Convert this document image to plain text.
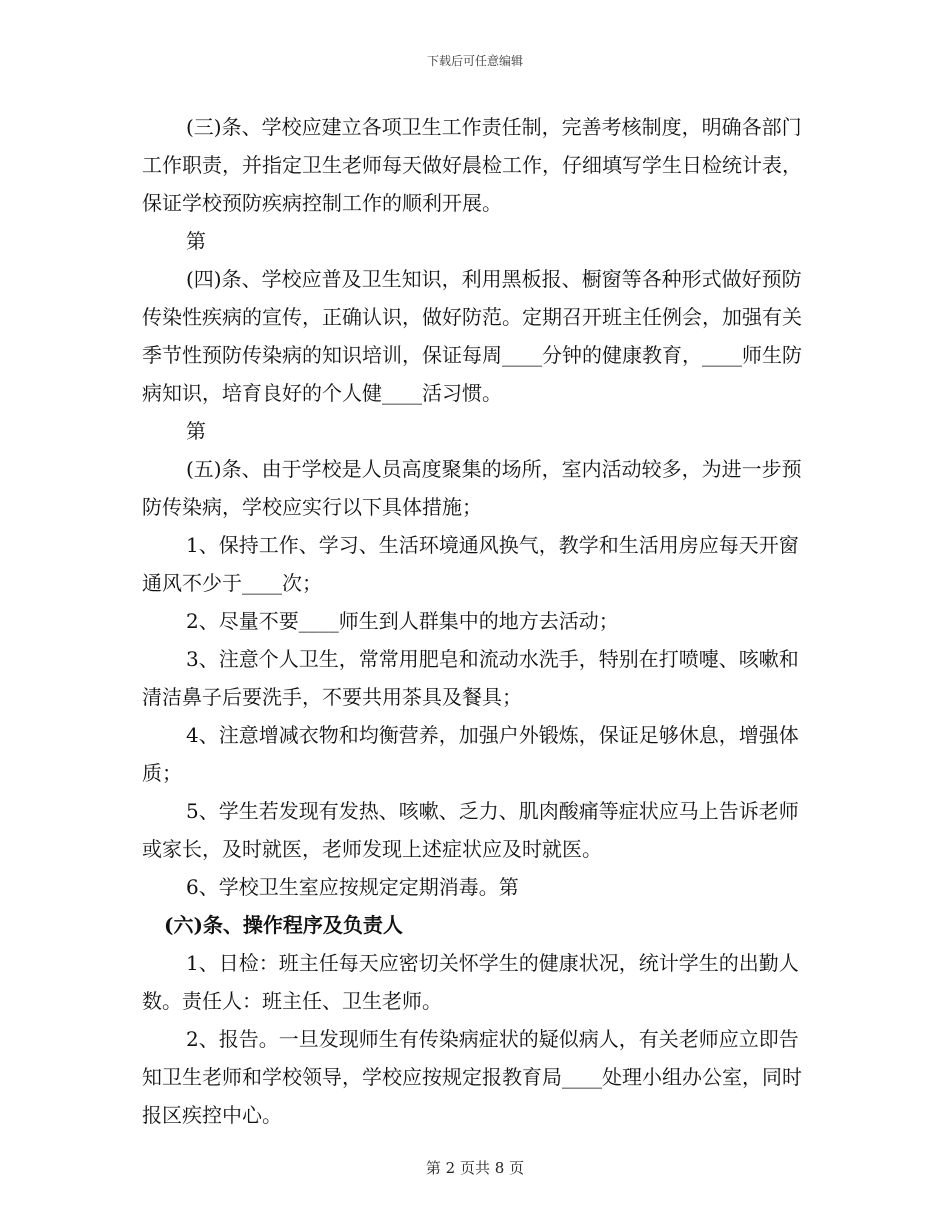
下载后可任意编辑

(三)条、学校应建立各项卫生工作责任制，完善考核制度，明确各部门工作职责，并指定卫生老师每天做好晨检工作，仔细填写学生日检统计表，保证学校预防疾病控制工作的顺利开展。

第

(四)条、学校应普及卫生知识，利用黑板报、橱窗等各种形式做好预防传染性疾病的宣传，正确认识，做好防范。定期召开班主任例会，加强有关季节性预防传染病的知识培训，保证每周____分钟的健康教育，____师生防病知识，培育良好的个人健____活习惯。

第

(五)条、由于学校是人员高度聚集的场所，室内活动较多，为进一步预防传染病，学校应实行以下具体措施；

1、保持工作、学习、生活环境通风换气，教学和生活用房应每天开窗通风不少于____次；

2、尽量不要____师生到人群集中的地方去活动；

3、注意个人卫生，常常用肥皂和流动水洗手，特别在打喷嚏、咳嗽和清洁鼻子后要洗手，不要共用茶具及餐具；

4、注意增减衣物和均衡营养，加强户外锻炼，保证足够休息，增强体质；

5、学生若发现有发热、咳嗽、乏力、肌肉酸痛等症状应马上告诉老师或家长，及时就医，老师发现上述症状应及时就医。

6、学校卫生室应按规定定期消毒。第

(六)条、操作程序及负责人

1、日检：班主任每天应密切关怀学生的健康状况，统计学生的出勤人数。责任人：班主任、卫生老师。

2、报告。一旦发现师生有传染病症状的疑似病人，有关老师应立即告知卫生老师和学校领导，学校应按规定报教育局____处理小组办公室，同时报区疾控中心。

第 2 页共 8 页
